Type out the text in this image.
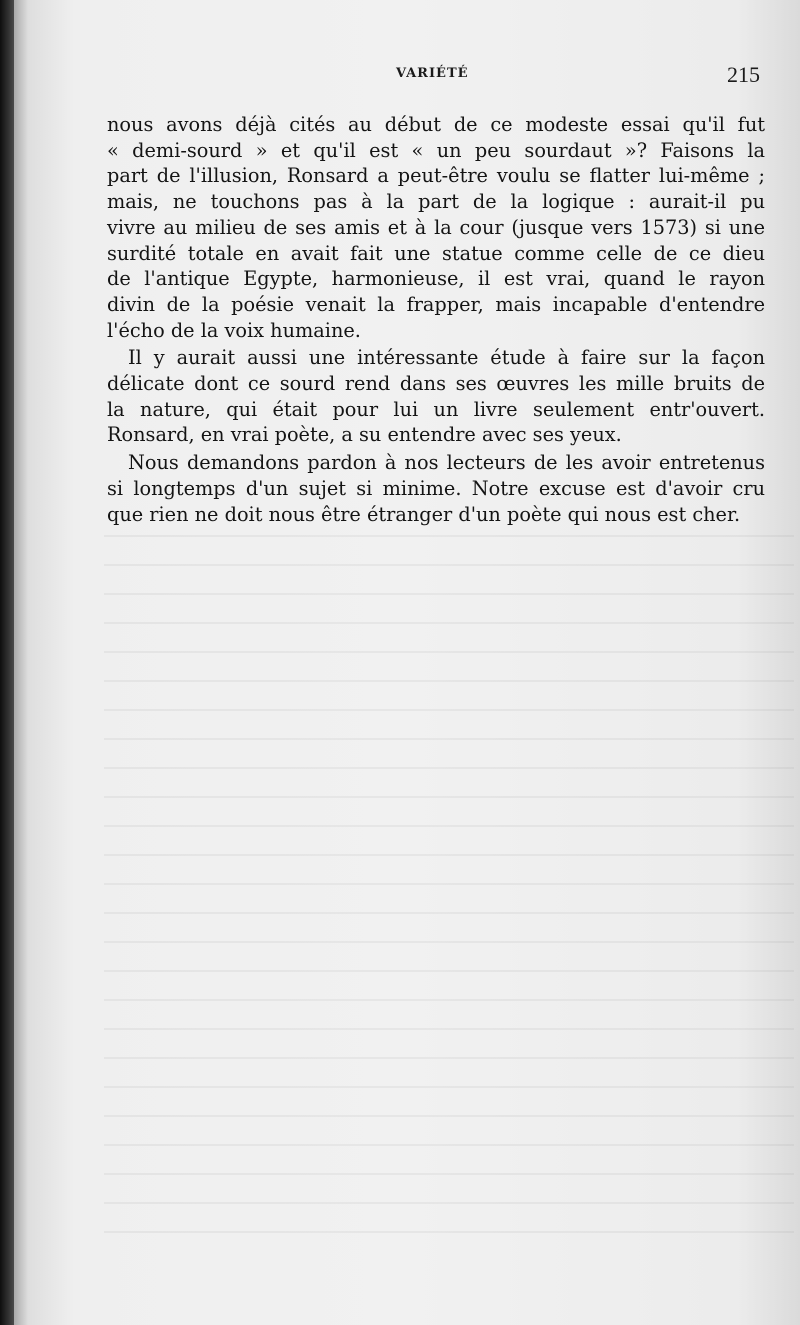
VARIÉTÉ	215
nous avons déjà cités au début de ce modeste essai qu'il fut
« demi-sourd » et qu'il est « un peu sourdaut »? Faisons la
part de l'illusion, Ronsard a peut-être voulu se flatter lui-même ;
mais, ne touchons pas à la part de la logique : aurait-il pu
vivre au milieu de ses amis et à la cour (jusque vers 1573) si une
surdité totale en avait fait une statue comme celle de ce dieu
de l'antique Egypte, harmonieuse, il est vrai, quand le rayon
divin de la poésie venait la frapper, mais incapable d'entendre
l'écho de la voix humaine.
Il y aurait aussi une intéressante étude à faire sur la façon
délicate dont ce sourd rend dans ses œuvres les mille bruits de
la nature, qui était pour lui un livre seulement entr'ouvert.
Ronsard, en vrai poète, a su entendre avec ses yeux.
Nous demandons pardon à nos lecteurs de les avoir entretenus
si longtemps d'un sujet si minime. Notre excuse est d'avoir cru
que rien ne doit nous être étranger d'un poète qui nous est cher.
